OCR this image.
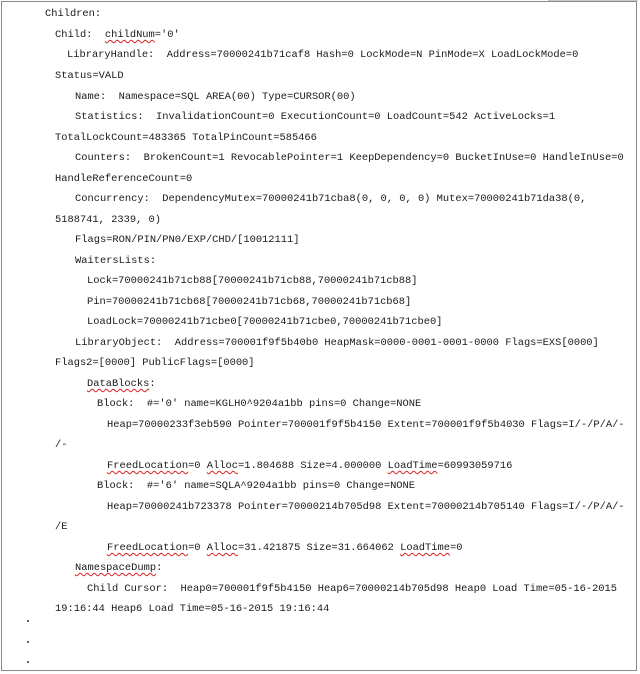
Children:
Child:  childNum='0'
LibraryHandle:  Address=70000241b71caf8 Hash=0 LockMode=N PinMode=X LoadLockMode=0
Status=VALD
Name:  Namespace=SQL AREA(00) Type=CURSOR(00)
Statistics:  InvalidationCount=0 ExecutionCount=0 LoadCount=542 ActiveLocks=1
TotalLockCount=483365 TotalPinCount=585466
Counters:  BrokenCount=1 RevocablePointer=1 KeepDependency=0 BucketInUse=0 HandleInUse=0
HandleReferenceCount=0
Concurrency:  DependencyMutex=70000241b71cba8(0, 0, 0, 0) Mutex=70000241b71da38(0,
5188741, 2339, 0)
Flags=RON/PIN/PN0/EXP/CHD/[10012111]
WaitersLists:
Lock=70000241b71cb88[70000241b71cb88,70000241b71cb88]
Pin=70000241b71cb68[70000241b71cb68,70000241b71cb68]
LoadLock=70000241b71cbe0[70000241b71cbe0,70000241b71cbe0]
LibraryObject:  Address=700001f9f5b40b0 HeapMask=0000-0001-0001-0000 Flags=EXS[0000]
Flags2=[0000] PublicFlags=[0000]
DataBlocks:
Block:  #='0' name=KGLH0^9204a1bb pins=0 Change=NONE
Heap=70000233f3eb590 Pointer=700001f9f5b4150 Extent=700001f9f5b4030 Flags=I/-/P/A/-
/-
FreedLocation=0 Alloc=1.804688 Size=4.000000 LoadTime=60993059716
Block:  #='6' name=SQLA^9204a1bb pins=0 Change=NONE
Heap=70000241b723378 Pointer=70000214b705d98 Extent=70000214b705140 Flags=I/-/P/A/-
/E
FreedLocation=0 Alloc=31.421875 Size=31.664062 LoadTime=0
NamespaceDump:
Child Cursor:  Heap0=700001f9f5b4150 Heap6=70000214b705d98 Heap0 Load Time=05-16-2015
19:16:44 Heap6 Load Time=05-16-2015 19:16:44
